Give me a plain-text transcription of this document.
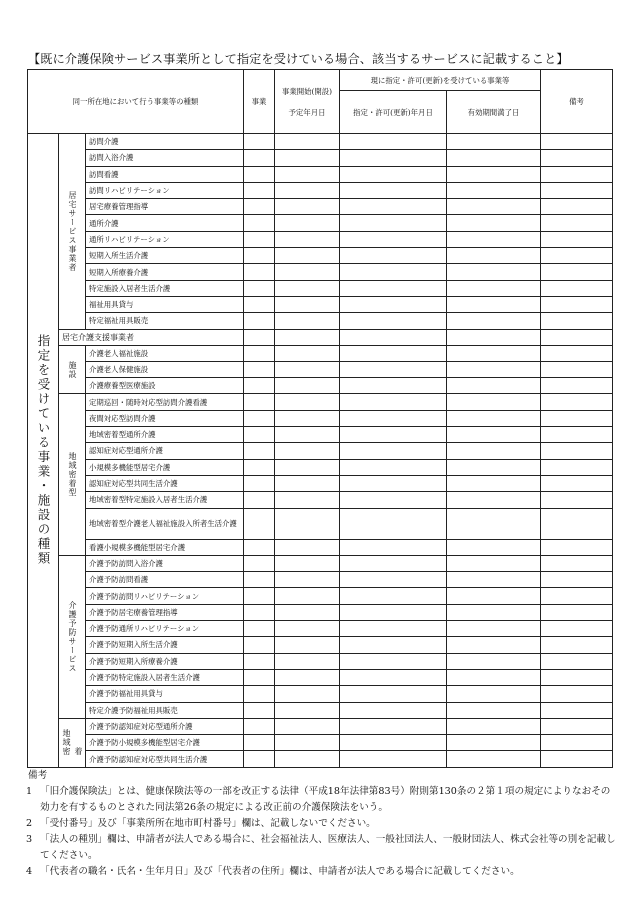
【既に介護保険サービス事業所として指定を受けている場合、該当するサービスに記載すること】
同一所在地において行う事業等の種類			事業	事業開始(開設)
予定年月日	現に指定・許可(更新)を受けている事業等		備考
					指定・許可(更新)年月日	有効期間満了日	

指定を受けている事業・施設の種類	居宅サービス事業者	訪問介護					
		訪問入浴介護					
		訪問看護					
		訪問リハビリテーション					
		居宅療養管理指導					
		通所介護					
		通所リハビリテーション					
		短期入所生活介護					
		短期入所療養介護					
		特定施設入居者生活介護					
		福祉用具貸与					
		特定福祉用具販売					
	居宅介護支援事業者						

	施設	介護老人福祉施設					
		介護老人保健施設					
		介護療養型医療施設					

	地域密着型	定期巡回・随時対応型訪問介護看護					
		夜間対応型訪問介護					
		地域密着型通所介護					
		認知症対応型通所介護					
		小規模多機能型居宅介護					
		認知症対応型共同生活介護					
		地域密着型特定施設入居者生活介護					
		地域密着型介護老人福祉施設入所者生活介護					
		看護小規模多機能型居宅介護					

	介護予防サービス	介護予防訪問入浴介護					
		介護予防訪問看護					
		介護予防訪問リハビリテーション					
		介護予防居宅療養管理指導					
		介護予防通所リハビリテーション					
		介護予防短期入所生活介護					
		介護予防短期入所療養介護					
		介護予防特定施設入居者生活介護					
		介護予防福祉用具貸与					
		特定介護予防福祉用具販売					

	地域密 着	介護予防認知症対応型通所介護					
		介護予防小規模多機能型居宅介護					
		介護予防認知症対応型共同生活介護					
備考
1 「旧介護保険法」とは、健康保険法等の一部を改正する法律（平成18年法律第83号）附則第130条の２第１項の規定によりなおその効力を有するものとされた同法第26条の規定による改正前の介護保険法をいう。
2 「受付番号」及び「事業所所在地市町村番号」欄は、記載しないでください。
3 「法人の種別」欄は、申請者が法人である場合に、社会福祉法人、医療法人、一般社団法人、一般財団法人、株式会社等の別を記載してください。
4 「代表者の職名・氏名・生年月日」及び「代表者の住所」欄は、申請者が法人である場合に記載してください。
